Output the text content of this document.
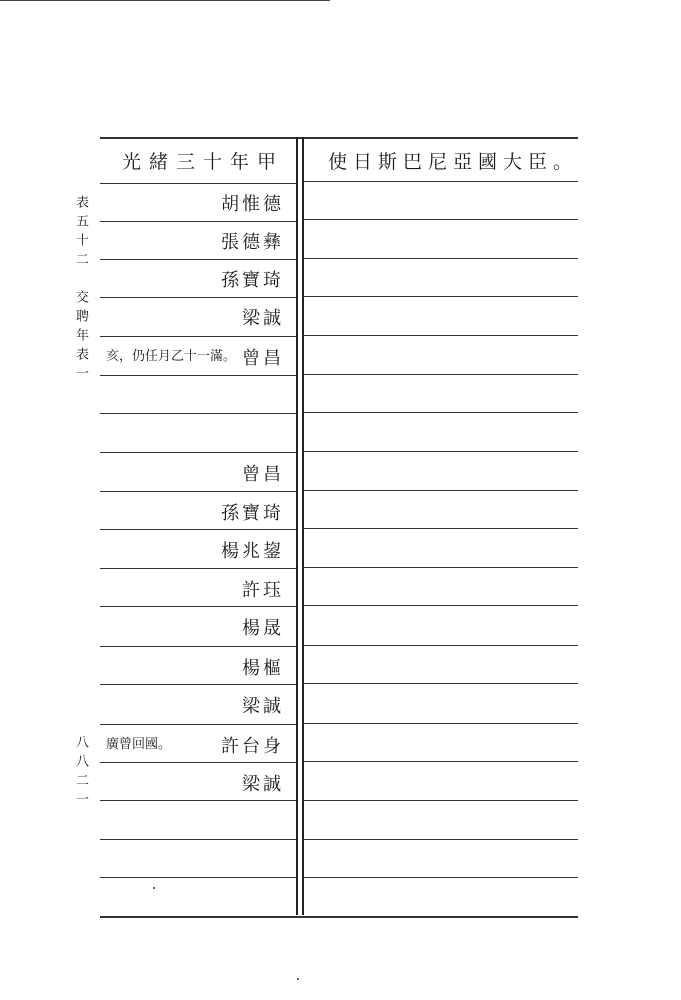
表五十二　交聘年表一
八八二一
光緒三十年甲	使日斯巴尼亞國大臣。
胡惟德
張德彝
孫寶琦
梁誠
亥，仍任月乙十一滿。 曾昌
曾昌
孫寶琦
楊兆鋆
許珏
楊晟
楊樞
梁誠
廣曾回國。	許台身
梁誠
